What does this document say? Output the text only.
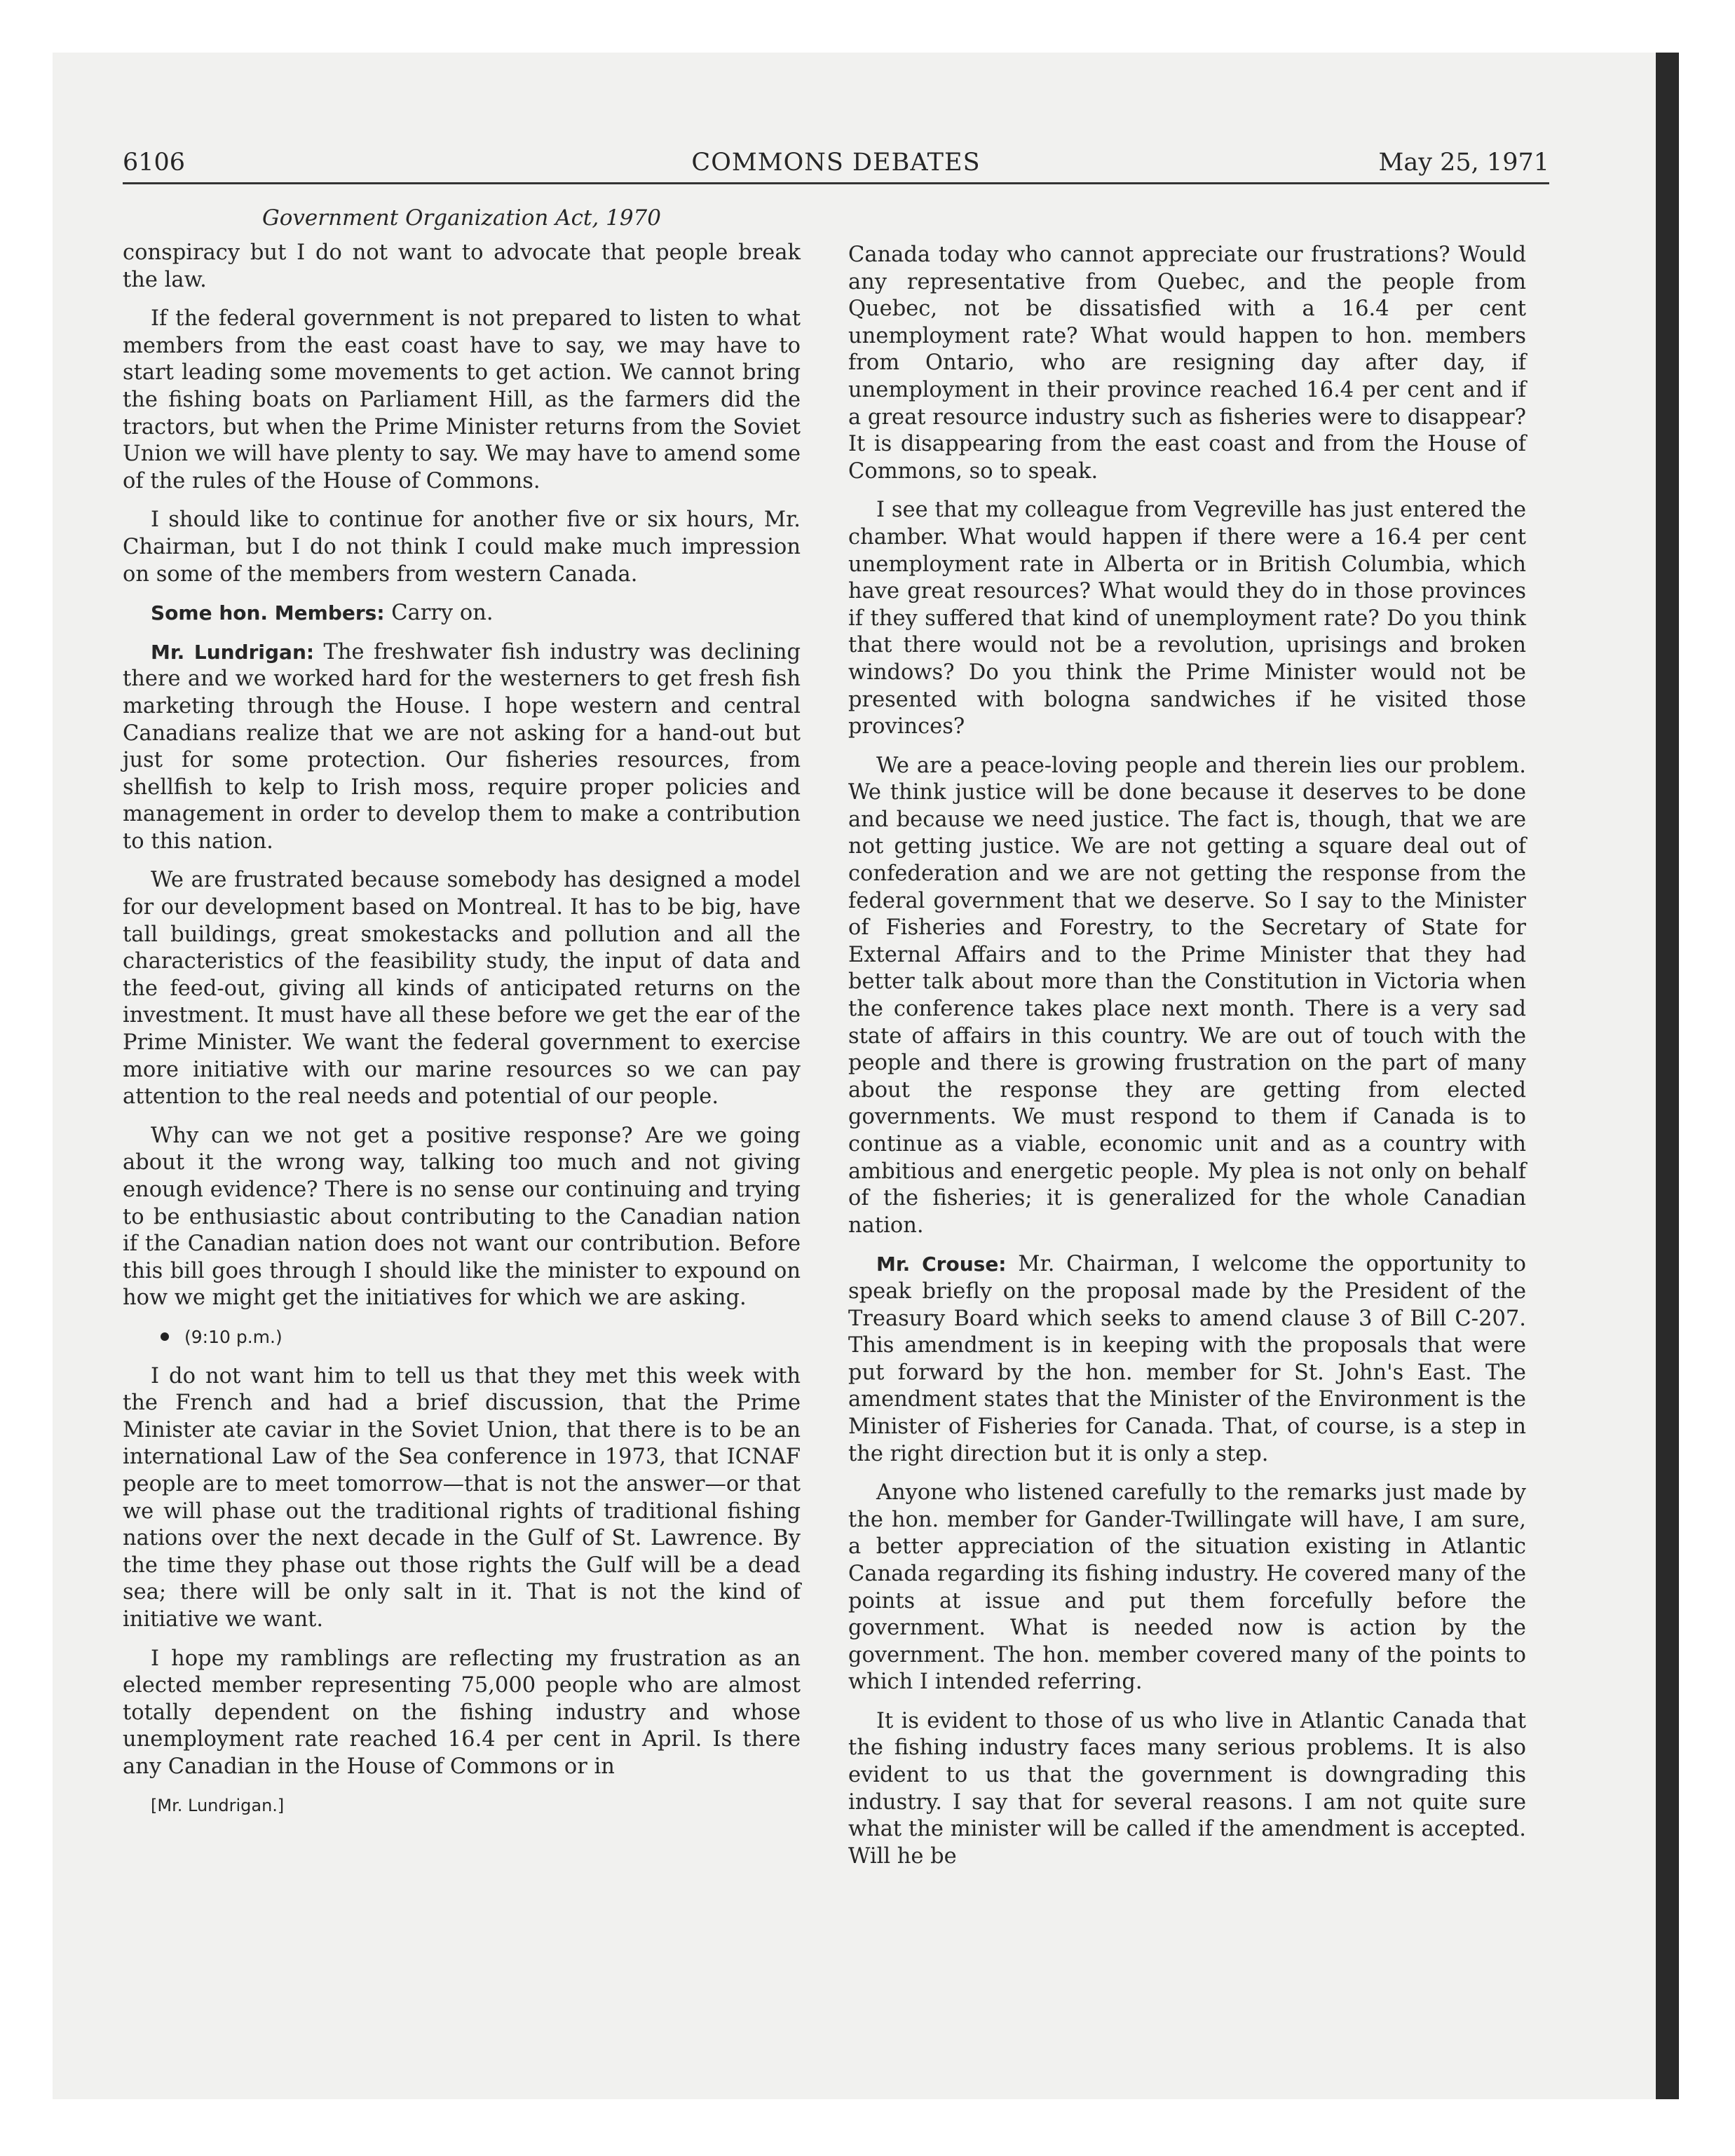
6106	COMMONS DEBATES	May 25, 1971
Government Organization Act, 1970

conspiracy but I do not want to advocate that people break the law.

If the federal government is not prepared to listen to what members from the east coast have to say, we may have to start leading some movements to get action. We cannot bring the fishing boats on Parliament Hill, as the farmers did the tractors, but when the Prime Minister returns from the Soviet Union we will have plenty to say. We may have to amend some of the rules of the House of Commons.

I should like to continue for another five or six hours, Mr. Chairman, but I do not think I could make much impression on some of the members from western Canada.

Some hon. Members: Carry on.

Mr. Lundrigan: The freshwater fish industry was declining there and we worked hard for the westerners to get fresh fish marketing through the House. I hope western and central Canadians realize that we are not asking for a hand-out but just for some protection. Our fisheries resources, from shellfish to kelp to Irish moss, require proper policies and management in order to develop them to make a contribution to this nation.

We are frustrated because somebody has designed a model for our development based on Montreal. It has to be big, have tall buildings, great smokestacks and pollution and all the characteristics of the feasibility study, the input of data and the feed-out, giving all kinds of anticipated returns on the investment. It must have all these before we get the ear of the Prime Minister. We want the federal government to exercise more initiative with our marine resources so we can pay attention to the real needs and potential of our people.

Why can we not get a positive response? Are we going about it the wrong way, talking too much and not giving enough evidence? There is no sense our continuing and trying to be enthusiastic about contributing to the Canadian nation if the Canadian nation does not want our contribution. Before this bill goes through I should like the minister to expound on how we might get the initiatives for which we are asking.

(9:10 p.m.)

I do not want him to tell us that they met this week with the French and had a brief discussion, that the Prime Minister ate caviar in the Soviet Union, that there is to be an international Law of the Sea conference in 1973, that ICNAF people are to meet tomorrow—that is not the answer—or that we will phase out the traditional rights of traditional fishing nations over the next decade in the Gulf of St. Lawrence. By the time they phase out those rights the Gulf will be a dead sea; there will be only salt in it. That is not the kind of initiative we want.

I hope my ramblings are reflecting my frustration as an elected member representing 75,000 people who are almost totally dependent on the fishing industry and whose unemployment rate reached 16.4 per cent in April. Is there any Canadian in the House of Commons or in

[Mr. Lundrigan.]

Canada today who cannot appreciate our frustrations? Would any representative from Quebec, and the people from Quebec, not be dissatisfied with a 16.4 per cent unemployment rate? What would happen to hon. members from Ontario, who are resigning day after day, if unemployment in their province reached 16.4 per cent and if a great resource industry such as fisheries were to disappear? It is disappearing from the east coast and from the House of Commons, so to speak.

I see that my colleague from Vegreville has just entered the chamber. What would happen if there were a 16.4 per cent unemployment rate in Alberta or in British Columbia, which have great resources? What would they do in those provinces if they suffered that kind of unemployment rate? Do you think that there would not be a revolution, uprisings and broken windows? Do you think the Prime Minister would not be presented with bologna sandwiches if he visited those provinces?

We are a peace-loving people and therein lies our problem. We think justice will be done because it deserves to be done and because we need justice. The fact is, though, that we are not getting justice. We are not getting a square deal out of confederation and we are not getting the response from the federal government that we deserve. So I say to the Minister of Fisheries and Forestry, to the Secretary of State for External Affairs and to the Prime Minister that they had better talk about more than the Constitution in Victoria when the conference takes place next month. There is a very sad state of affairs in this country. We are out of touch with the people and there is growing frustration on the part of many about the response they are getting from elected governments. We must respond to them if Canada is to continue as a viable, economic unit and as a country with ambitious and energetic people. My plea is not only on behalf of the fisheries; it is generalized for the whole Canadian nation.

Mr. Crouse: Mr. Chairman, I welcome the opportunity to speak briefly on the proposal made by the President of the Treasury Board which seeks to amend clause 3 of Bill C-207. This amendment is in keeping with the proposals that were put forward by the hon. member for St. John's East. The amendment states that the Minister of the Environment is the Minister of Fisheries for Canada. That, of course, is a step in the right direction but it is only a step.

Anyone who listened carefully to the remarks just made by the hon. member for Gander-Twillingate will have, I am sure, a better appreciation of the situation existing in Atlantic Canada regarding its fishing industry. He covered many of the points at issue and put them forcefully before the government. What is needed now is action by the government. The hon. member covered many of the points to which I intended referring.

It is evident to those of us who live in Atlantic Canada that the fishing industry faces many serious problems. It is also evident to us that the government is downgrading this industry. I say that for several reasons. I am not quite sure what the minister will be called if the amendment is accepted. Will he be
